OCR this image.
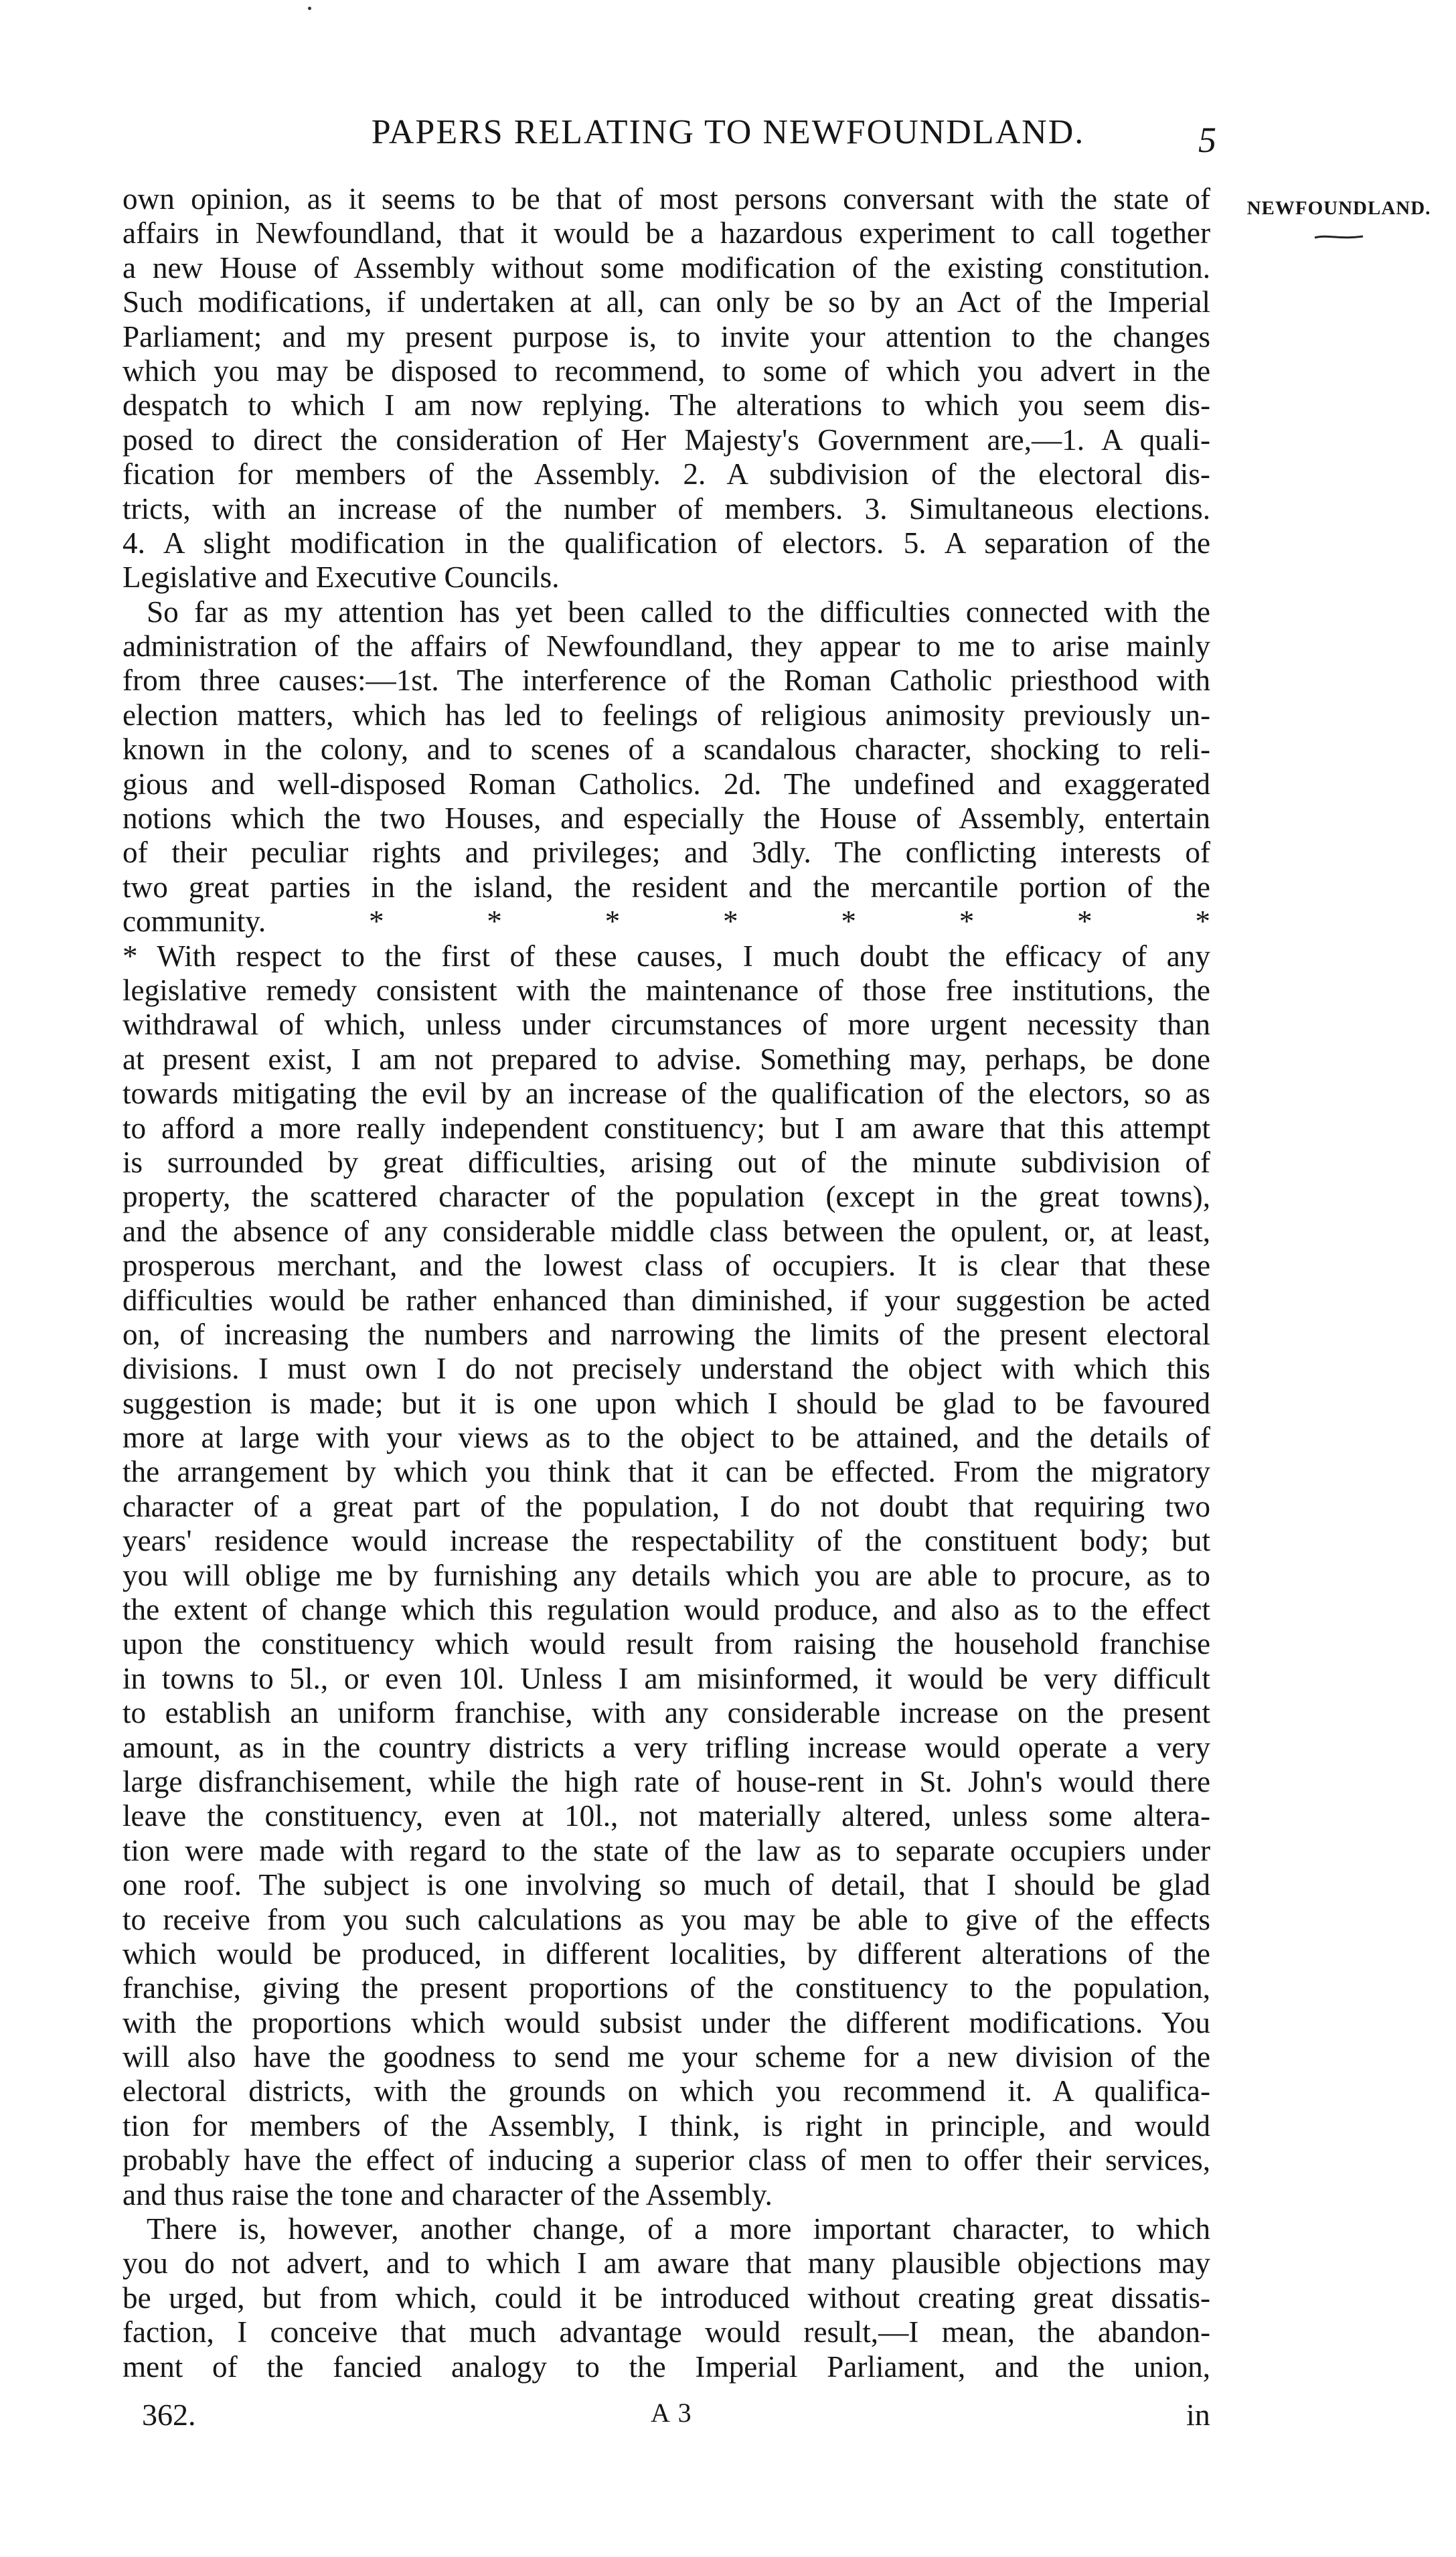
PAPERS RELATING TO NEWFOUNDLAND.	5
NEWFOUNDLAND.
own opinion, as it seems to be that of most persons conversant with the state of
affairs in Newfoundland, that it would be a hazardous experiment to call together
a new House of Assembly without some modification of the existing constitution.
Such modifications, if undertaken at all, can only be so by an Act of the Imperial
Parliament; and my present purpose is, to invite your attention to the changes
which you may be disposed to recommend, to some of which you advert in the
despatch to which I am now replying. The alterations to which you seem dis-
posed to direct the consideration of Her Majesty's Government are,—1. A quali-
fication for members of the Assembly. 2. A subdivision of the electoral dis-
tricts, with an increase of the number of members. 3. Simultaneous elections.
4. A slight modification in the qualification of electors. 5. A separation of the
Legislative and Executive Councils.
So far as my attention has yet been called to the difficulties connected with the
administration of the affairs of Newfoundland, they appear to me to arise mainly
from three causes:—1st. The interference of the Roman Catholic priesthood with
election matters, which has led to feelings of religious animosity previously un-
known in the colony, and to scenes of a scandalous character, shocking to reli-
gious and well-disposed Roman Catholics. 2d. The undefined and exaggerated
notions which the two Houses, and especially the House of Assembly, entertain
of their peculiar rights and privileges; and 3dly. The conflicting interests of
two great parties in the island, the resident and the mercantile portion of the
community. * * * * * * * *
* With respect to the first of these causes, I much doubt the efficacy of any
legislative remedy consistent with the maintenance of those free institutions, the
withdrawal of which, unless under circumstances of more urgent necessity than
at present exist, I am not prepared to advise. Something may, perhaps, be done
towards mitigating the evil by an increase of the qualification of the electors, so as
to afford a more really independent constituency; but I am aware that this attempt
is surrounded by great difficulties, arising out of the minute subdivision of
property, the scattered character of the population (except in the great towns),
and the absence of any considerable middle class between the opulent, or, at least,
prosperous merchant, and the lowest class of occupiers. It is clear that these
difficulties would be rather enhanced than diminished, if your suggestion be acted
on, of increasing the numbers and narrowing the limits of the present electoral
divisions. I must own I do not precisely understand the object with which this
suggestion is made; but it is one upon which I should be glad to be favoured
more at large with your views as to the object to be attained, and the details of
the arrangement by which you think that it can be effected. From the migratory
character of a great part of the population, I do not doubt that requiring two
years' residence would increase the respectability of the constituent body; but
you will oblige me by furnishing any details which you are able to procure, as to
the extent of change which this regulation would produce, and also as to the effect
upon the constituency which would result from raising the household franchise
in towns to 5l., or even 10l. Unless I am misinformed, it would be very difficult
to establish an uniform franchise, with any considerable increase on the present
amount, as in the country districts a very trifling increase would operate a very
large disfranchisement, while the high rate of house-rent in St. John's would there
leave the constituency, even at 10l., not materially altered, unless some altera-
tion were made with regard to the state of the law as to separate occupiers under
one roof. The subject is one involving so much of detail, that I should be glad
to receive from you such calculations as you may be able to give of the effects
which would be produced, in different localities, by different alterations of the
franchise, giving the present proportions of the constituency to the population,
with the proportions which would subsist under the different modifications. You
will also have the goodness to send me your scheme for a new division of the
electoral districts, with the grounds on which you recommend it. A qualifica-
tion for members of the Assembly, I think, is right in principle, and would
probably have the effect of inducing a superior class of men to offer their services,
and thus raise the tone and character of the Assembly.
There is, however, another change, of a more important character, to which
you do not advert, and to which I am aware that many plausible objections may
be urged, but from which, could it be introduced without creating great dissatis-
faction, I conceive that much advantage would result,—I mean, the abandon-
ment of the fancied analogy to the Imperial Parliament, and the union,
362.	A 3	in
